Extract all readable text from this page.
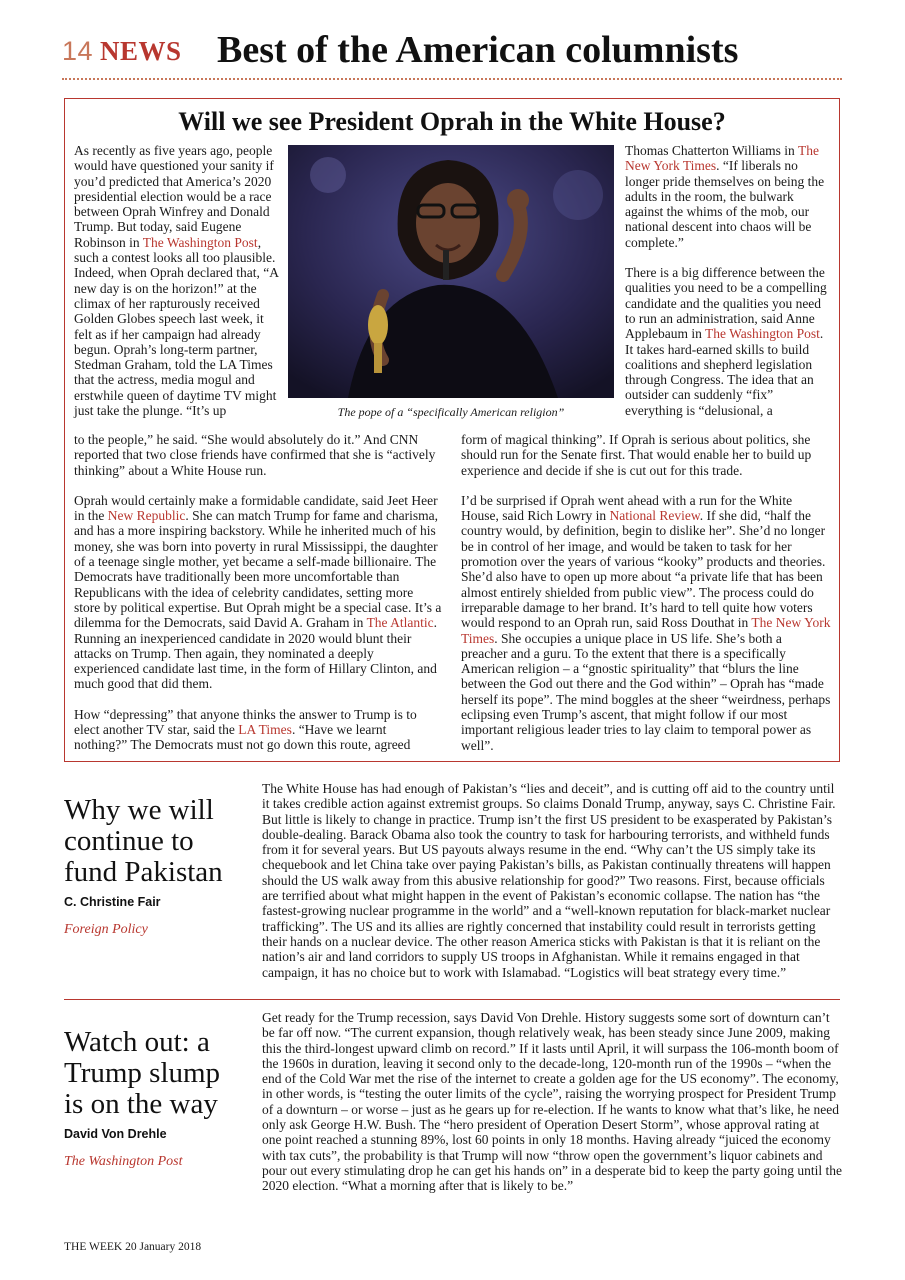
14 NEWS Best of the American columnists
Will we see President Oprah in the White House?

As recently as five years ago, people would have questioned your sanity if you’d predicted that America’s 2020 presidential election would be a race between Oprah Winfrey and Donald Trump. But today, said Eugene Robinson in The Washington Post, such a contest looks all too plausible. Indeed, when Oprah declared that, “A new day is on the horizon!” at the climax of her rapturously received Golden Globes speech last week, it felt as if her campaign had already begun. Oprah’s long-term partner, Stedman Graham, told the LA Times that the actress, media mogul and erstwhile queen of daytime TV might just take the plunge. “It’s up	The pope of a “specifically American religion”

to the people,” he said. “She would absolutely do it.” And CNN reported that two close friends have confirmed that she is “actively thinking” about a White House run.

Oprah would certainly make a formidable candidate, said Jeet Heer in the New Republic. She can match Trump for fame and charisma, and has a more inspiring backstory. While he inherited much of his money, she was born into poverty in rural Mississippi, the daughter of a teenage single mother, yet became a self-made billionaire. The Democrats have traditionally been more uncomfortable than Republicans with the idea of celebrity candidates, setting more store by political expertise. But Oprah might be a special case. It’s a dilemma for the Democrats, said David A. Graham in The Atlantic. Running an inexperienced candidate in 2020 would blunt their attacks on Trump. Then again, they nominated a deeply experienced candidate last time, in the form of Hillary Clinton, and much good that did them.

How “depressing” that anyone thinks the answer to Trump is to elect another TV star, said the LA Times. “Have we learnt nothing?” The Democrats must not go down this route, agreed

Thomas Chatterton Williams in The New York Times. “If liberals no longer pride themselves on being the adults in the room, the bulwark against the whims of the mob, our national descent into chaos will be complete.”

There is a big difference between the qualities you need to be a compelling candidate and the qualities you need to run an administration, said Anne Applebaum in The Washington Post. It takes hard-earned skills to build coalitions and shepherd legislation through Congress. The idea that an outsider can suddenly “fix” everything is “delusional, a

form of magical thinking”. If Oprah is serious about politics, she should run for the Senate first. That would enable her to build up experience and decide if she is cut out for this trade.

I’d be surprised if Oprah went ahead with a run for the White House, said Rich Lowry in National Review. If she did, “half the country would, by definition, begin to dislike her”. She’d no longer be in control of her image, and would be taken to task for her promotion over the years of various “kooky” products and theories. She’d also have to open up more about “a private life that has been almost entirely shielded from public view”. The process could do irreparable damage to her brand. It’s hard to tell quite how voters would respond to an Oprah run, said Ross Douthat in The New York Times. She occupies a unique place in US life. She’s both a preacher and a guru. To the extent that there is a specifically American religion – a “gnostic spirituality” that “blurs the line between the God out there and the God within” – Oprah has “made herself its pope”. The mind boggles at the sheer “weirdness, perhaps eclipsing even Trump’s ascent, that might follow if our most important religious leader tries to lay claim to temporal power as well”.

Why we will continue to fund Pakistan
C. Christine Fair
Foreign Policy

The White House has had enough of Pakistan’s “lies and deceit”, and is cutting off aid to the country until it takes credible action against extremist groups. So claims Donald Trump, anyway, says C. Christine Fair. But little is likely to change in practice. Trump isn’t the first US president to be exasperated by Pakistan’s double-dealing. Barack Obama also took the country to task for harbouring terrorists, and withheld funds from it for several years. But US payouts always resume in the end. “Why can’t the US simply take its chequebook and let China take over paying Pakistan’s bills, as Pakistan continually threatens will happen should the US walk away from this abusive relationship for good?” Two reasons. First, because officials are terrified about what might happen in the event of Pakistan’s economic collapse. The nation has “the fastest-growing nuclear programme in the world” and a “well-known reputation for black-market nuclear trafficking”. The US and its allies are rightly concerned that instability could result in terrorists getting their hands on a nuclear device. The other reason America sticks with Pakistan is that it is reliant on the nation’s air and land corridors to supply US troops in Afghanistan. While it remains engaged in that campaign, it has no choice but to work with Islamabad. “Logistics will beat strategy every time.”

Watch out: a Trump slump is on the way
David Von Drehle
The Washington Post

Get ready for the Trump recession, says David Von Drehle. History suggests some sort of downturn can’t be far off now. “The current expansion, though relatively weak, has been steady since June 2009, making this the third-longest upward climb on record.” If it lasts until April, it will surpass the 106-month boom of the 1960s in duration, leaving it second only to the decade-long, 120-month run of the 1990s – “when the end of the Cold War met the rise of the internet to create a golden age for the US economy”. The economy, in other words, is “testing the outer limits of the cycle”, raising the worrying prospect for President Trump of a downturn – or worse – just as he gears up for re-election. If he wants to know what that’s like, he need only ask George H.W. Bush. The “hero president of Operation Desert Storm”, whose approval rating at one point reached a stunning 89%, lost 60 points in only 18 months. Having already “juiced the economy with tax cuts”, the probability is that Trump will now “throw open the government’s liquor cabinets and pour out every stimulating drop he can get his hands on” in a desperate bid to keep the party going until the 2020 election. “What a morning after that is likely to be.”

THE WEEK 20 January 2018
